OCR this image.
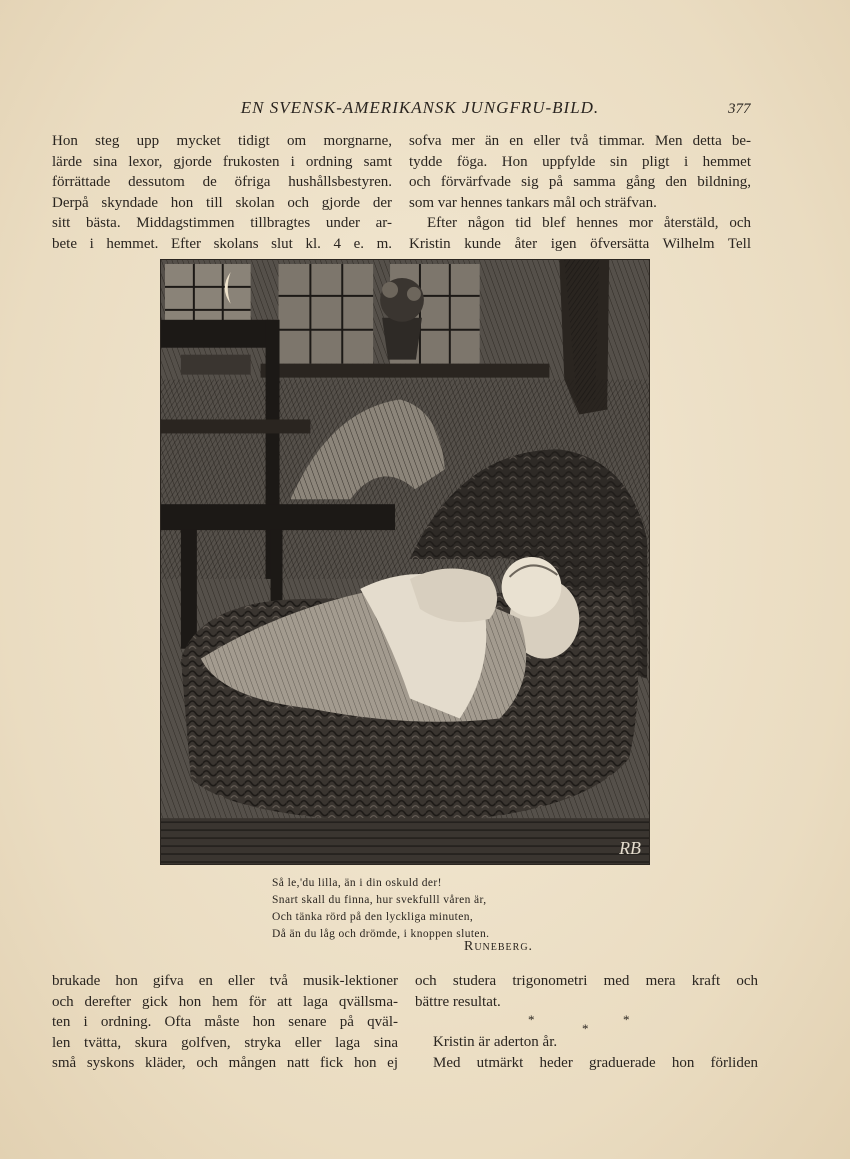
EN SVENSK-AMERIKANSK JUNGFRU-BILD.	377

Hon steg upp mycket tidigt om morgnarne,

lärde sina lexor, gjorde frukosten i ordning samt

förrättade dessutom de öfriga hushållsbestyren.

Derpå skyndade hon till skolan och gjorde der

sitt bästa. Middagstimmen tillbragtes under ar-

bete i hemmet. Efter skolans slut kl. 4 e. m.

sofva mer än en eller två timmar. Men detta be-

tydde föga. Hon uppfylde sin pligt i hemmet

och förvärfvade sig på samma gång den bildning,

som var hennes tankars mål och sträfvan.

Efter någon tid blef hennes mor återstäld, och

Kristin kunde åter igen öfversätta Wilhelm Tell

RB
Så le,'du lilla, än i din oskuld der!
Snart skall du finna, hur svekfulll våren är,
Och tänka rörd på den lyckliga minuten,
Då än du låg och drömde, i knoppen sluten.
Runeberg.

brukade hon gifva en eller två musik-lektioner

och derefter gick hon hem för att laga qvällsma-

ten i ordning. Ofta måste hon senare på qväl-

len tvätta, skura golfven, stryka eller laga sina

små syskons kläder, och mången natt fick hon ej

och studera trigonometri med mera kraft och

bättre resultat.

*
*
*

Kristin är aderton år.

Med utmärkt heder graduerade hon förliden
